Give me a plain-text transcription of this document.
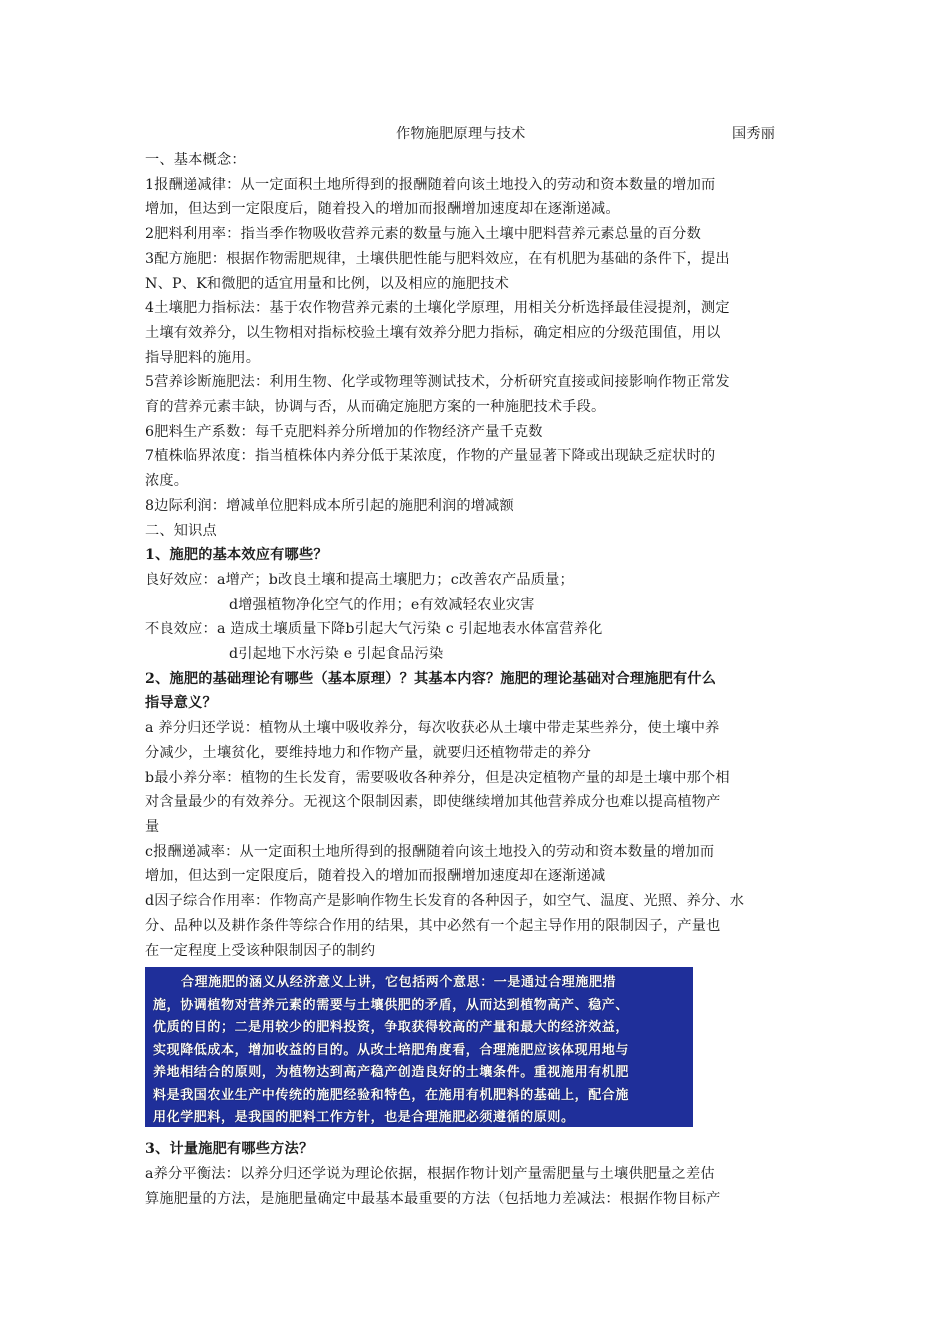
作物施肥原理与技术	国秀丽

一、基本概念：

1报酬递减律：从一定面积土地所得到的报酬随着向该土地投入的劳动和资本数量的增加而

增加，但达到一定限度后，随着投入的增加而报酬增加速度却在逐渐递减。

2肥料利用率：指当季作物吸收营养元素的数量与施入土壤中肥料营养元素总量的百分数

3配方施肥：根据作物需肥规律，土壤供肥性能与肥料效应，在有机肥为基础的条件下，提出

N、P、K和微肥的适宜用量和比例，以及相应的施肥技术

4土壤肥力指标法：基于农作物营养元素的土壤化学原理，用相关分析选择最佳浸提剂，测定

土壤有效养分，以生物相对指标校验土壤有效养分肥力指标，确定相应的分级范围值，用以

指导肥料的施用。

5营养诊断施肥法：利用生物、化学或物理等测试技术，分析研究直接或间接影响作物正常发

育的营养元素丰缺，协调与否，从而确定施肥方案的一种施肥技术手段。

6肥料生产系数：每千克肥料养分所增加的作物经济产量千克数

7植株临界浓度：指当植株体内养分低于某浓度，作物的产量显著下降或出现缺乏症状时的

浓度。

8边际利润：增减单位肥料成本所引起的施肥利润的增减额

二、知识点

1、施肥的基本效应有哪些？

良好效应：a增产；b改良土壤和提高土壤肥力；c改善农产品质量；

d增强植物净化空气的作用；e有效减轻农业灾害

不良效应：a 造成土壤质量下降b引起大气污染 c 引起地表水体富营养化

d引起地下水污染 e 引起食品污染

2、施肥的基础理论有哪些（基本原理）？其基本内容？施肥的理论基础对合理施肥有什么

指导意义？

a 养分归还学说：植物从土壤中吸收养分，每次收获必从土壤中带走某些养分，使土壤中养

分减少，土壤贫化，要维持地力和作物产量，就要归还植物带走的养分

b最小养分率：植物的生长发育，需要吸收各种养分，但是决定植物产量的却是土壤中那个相

对含量最少的有效养分。无视这个限制因素，即使继续增加其他营养成分也难以提高植物产

量

c报酬递减率：从一定面积土地所得到的报酬随着向该土地投入的劳动和资本数量的增加而

增加，但达到一定限度后，随着投入的增加而报酬增加速度却在逐渐递减

d因子综合作用率：作物高产是影响作物生长发育的各种因子，如空气、温度、光照、养分、水

分、品种以及耕作条件等综合作用的结果，其中必然有一个起主导作用的限制因子，产量也

在一定程度上受该种限制因子的制约

合理施肥的涵义从经济意义上讲，它包括两个意思：一是通过合理施肥措
施，协调植物对营养元素的需要与土壤供肥的矛盾，从而达到植物高产、稳产、
优质的目的；二是用较少的肥料投资，争取获得较高的产量和最大的经济效益，
实现降低成本，增加收益的目的。从改土培肥角度看，合理施肥应该体现用地与
养地相结合的原则，为植物达到高产稳产创造良好的土壤条件。重视施用有机肥
料是我国农业生产中传统的施肥经验和特色，在施用有机肥料的基础上，配合施
用化学肥料，是我国的肥料工作方针，也是合理施肥必须遵循的原则。

3、计量施肥有哪些方法？

a养分平衡法：以养分归还学说为理论依据，根据作物计划产量需肥量与土壤供肥量之差估

算施肥量的方法，是施肥量确定中最基本最重要的方法（包括地力差减法：根据作物目标产
